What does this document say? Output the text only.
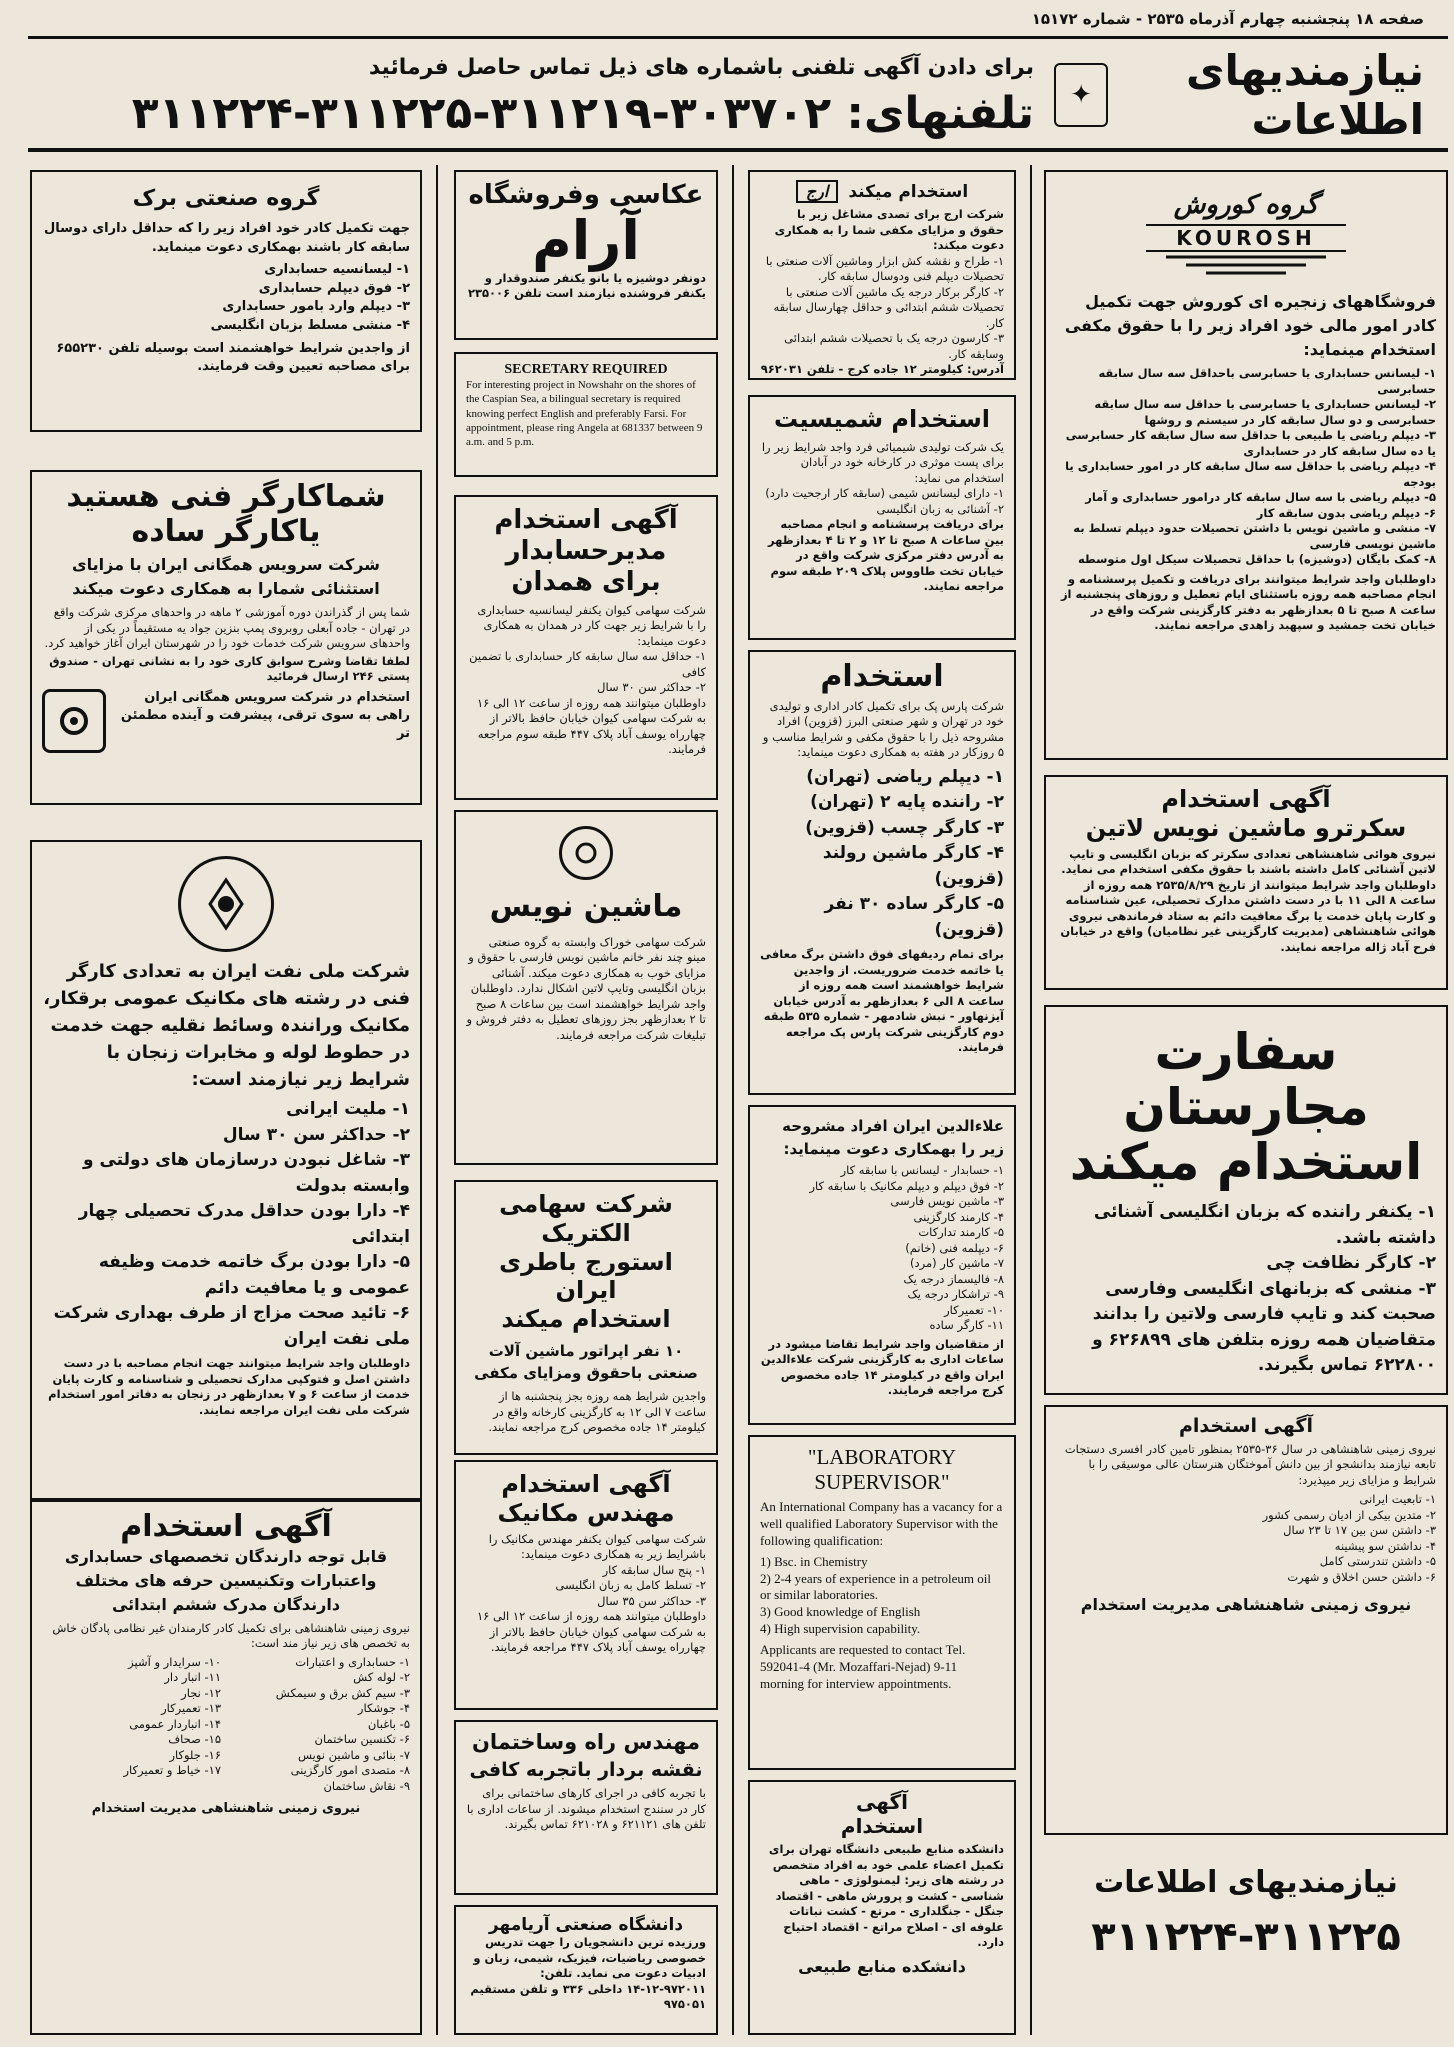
صفحه ۱۸ پنجشنبه چهارم آذرماه ۲۵۳۵ - شماره ۱۵۱۷۲
نیازمندیهای اطلاعات
✦
برای دادن آگهی تلفنی باشماره های ذیل تماس حاصل فرمائید
تلفنهای: ۳۰۳۷۰۲-۳۱۱۲۱۹-۳۱۱۲۲۵-۳۱۱۲۲۴
گروه صنعتی برک

جهت تکمیل کادر خود افراد زیر را که حداقل دارای دوسال سابقه کار باشند بهمکاری دعوت مینماید.

۱- لیسانسیه حسابداری
۲- فوق دیپلم حسابداری
۳- دیپلم وارد بامور حسابداری
۴- منشی مسلط بزبان انگلیسی

از واجدین شرایط خواهشمند است بوسیله تلفن ۶۵۵۲۳۰ برای مصاحبه تعیین وقت فرمایند.

شماکارگر فنی هستید
یاکارگر ساده

شرکت سرویس همگانی ایران با مزایای استثنائی شمارا به همکاری دعوت میکند

شما پس از گذراندن دوره آموزشی ۲ ماهه در واحدهای مرکزی شرکت واقع در تهران - جاده آبعلی روبروی پمپ بنزین جواد یه مستقیماً در یکی از واحدهای سرویس شرکت خدمات خود را در شهرستان ایران آغاز خواهید کرد.

لطفا تقاضا وشرح سوابق کاری خود را به نشانی تهران - صندوق پستی ۲۴۶ ارسال فرمائید

استخدام در شرکت سرویس همگانی ایران راهی به سوی ترقی، پیشرفت و آینده مطمئن تر

شرکت ملی نفت ایران به تعدادی کارگر فنی در رشته های مکانیک عمومی برقکار، مکانیک ورانندہ وسائط نقلیه جهت خدمت در حطوط لوله و مخابرات زنجان با شرایط زیر نیازمند است:

۱- ملیت ایرانی
۲- حداکثر سن ۳۰ سال
۳- شاغل نبودن درسازمان های دولتی و وابسته بدولت
۴- دارا بودن حداقل مدرک تحصیلی چهار ابتدائی
۵- دارا بودن برگ خاتمه خدمت وظیفه عمومی و یا معافیت دائم
۶- تائید صحت مزاج از طرف بهداری شرکت ملی نفت ایران

داوطلبان واجد شرایط میتوانند جهت انجام مصاحبه با در دست داشتن اصل و فتوکپی مدارک تحصیلی و شناسنامه و کارت پایان خدمت از ساعت ۶ و ۷ بعدازظهر در زنجان به دفاتر امور استخدام شرکت ملی نفت ایران مراجعه نمایند.

آگهی استخدام

قابل توجه دارندگان تخصصهای حسابداری واعتبارات وتکنیسین حرفه های مختلف دارندگان مدرک ششم ابتدائی

نیروی زمینی شاهنشاهی برای تکمیل کادر کارمندان غیر نظامی پادگان خاش به تخصص های زیر نیاز مند است:

۱- حسابداری و اعتبارات
۲- لوله کش
۳- سیم کش برق و سیمکش
۴- جوشکار
۵- باغبان
۶- تکنسین ساختمان
۷- بنائی و ماشین نویس
۸- متصدی امور کارگزینی
۹- نقاش ساختمان
۱۰- سرایدار و آشپز
۱۱- انبار دار
۱۲- نجار
۱۳- تعمیرکار
۱۴- انباردار عمومی
۱۵- صحاف
۱۶- جلوکار
۱۷- خیاط و تعمیرکار

نیروی زمینی شاهنشاهی مدیریت استخدام

عکاسی وفروشگاه
آرام

دونفر دوشیزه یا بانو یکنفر صندوقدار و یکنفر فروشنده نیازمند است تلفن ۲۳۵۰۰۶

SECRETARY REQUIRED

For interesting project in Nowshahr on the shores of the Caspian Sea, a bilingual secretary is required knowing perfect English and preferably Farsi. For appointment, please ring Angela at 681337 between 9 a.m. and 5 p.m.

آگهی استخدام
مدیرحسابدار
برای همدان

شرکت سهامی کیوان یکنفر لیسانسیه حسابداری را با شرایط زیر جهت کار در همدان به همکاری دعوت مینماید:

۱- حداقل سه سال سابقه کار حسابداری با تضمین کافی
۲- حداکثر سن ۳۰ سال

داوطلبان میتوانند همه روزه از ساعت ۱۲ الی ۱۶ به شرکت سهامی کیوان خیابان حافظ بالاتر از چهارراه یوسف آباد پلاک ۴۴۷ طبقه سوم مراجعه فرمایند.

ماشین نویس

شرکت سهامی خوراک وابسته به گروه صنعتی مینو چند نفر خانم ماشین نویس فارسی با حقوق و مزایای خوب به همکاری دعوت میکند. آشنائی بزبان انگلیسی وتایپ لاتین اشکال ندارد. داوطلبان واجد شرایط خواهشمند است بین ساعات ۸ صبح تا ۲ بعدازظهر بجز روزهای تعطیل به دفتر فروش و تبلیغات شرکت مراجعه فرمایند.

شرکت سهامی الکتریک
استورج باطری ایران
استخدام میکند

۱۰ نفر اپراتور ماشین آلات صنعتی باحقوق ومزایای مکفی

واجدین شرایط همه روزه بجز پنجشنبه ها از ساعت ۷ الی ۱۲ به کارگزینی کارخانه واقع در کیلومتر ۱۴ جاده مخصوص کرج مراجعه نمایند.

آگهی استخدام
مهندس مکانیک

شرکت سهامی کیوان یکنفر مهندس مکانیک را باشرایط زیر به همکاری دعوت مینماید:

۱- پنج سال سابقه کار
۲- تسلط کامل به زبان انگلیسی
۳- حداکثر سن ۳۵ سال

داوطلبان میتوانند همه روزه از ساعت ۱۲ الی ۱۶ به شرکت سهامی کیوان خیابان حافظ بالاتر از چهارراه یوسف آباد پلاک ۴۴۷ مراجعه فرمایند.

مهندس راه وساختمان
نقشه بردار باتجربه کافی

با تجربه کافی در اجرای کارهای ساختمانی برای کار در سنندج استخدام میشوند. از ساعات اداری با تلفن های ۶۲۱۱۲۱ و ۶۲۱۰۲۸ تماس بگیرند.

دانشگاه صنعتی آریامهر

ورزیده ترین دانشجویان را جهت تدریس خصوصی ریاضیات، فیزیک، شیمی، زبان و ادبیات دعوت می نماید. تلفن: ۹۷۲۰۱۱-۱۲-۱۴ داخلی ۳۳۶ و تلفن مستقیم ۹۷۵۰۵۱

استخدام میکند
ارج

شرکت ارج برای تصدی مشاغل زیر با حقوق و مزایای مکفی شما را به همکاری دعوت میکند:

۱- طراح و نقشه کش ابزار وماشین آلات صنعتی با تحصیلات دیپلم فنی ودوسال سابقه کار.
۲- کارگر برکار درجه یک ماشین آلات صنعتی با تحصیلات ششم ابتدائی و حداقل چهارسال سابقه کار.
۳- کارسون درجه یک با تحصیلات ششم ابتدائی وسابقه کار.

آدرس: کیلومتر ۱۲ جاده کرج - تلفن ۹۶۲۰۳۱

استخدام شمیسیت

یک شرکت تولیدی شیمیائی فرد واجد شرایط زیر را برای پست موثری در کارخانه خود در آبادان استخدام می نماید:

۱- دارای لیسانس شیمی (سابقه کار ارجحیت دارد)
۲- آشنائی به زبان انگلیسی

برای دریافت پرسشنامه و انجام مصاحبه بین ساعات ۸ صبح تا ۱۲ و ۲ تا ۴ بعدازظهر به آدرس دفتر مرکزی شرکت واقع در خیابان تخت طاووس پلاک ۲۰۹ طبقه سوم مراجعه نمایند.

استخدام

شرکت پارس پک برای تکمیل کادر اداری و تولیدی خود در تهران و شهر صنعتی البرز (قزوین) افراد مشروحه ذیل را با حقوق مکفی و شرایط مناسب و ۵ روزکار در هفته به همکاری دعوت مینماید:

۱- دیپلم ریاضی (تهران)
۲- راننده پایه ۲ (تهران)
۳- کارگر چسب (قزوین)
۴- کارگر ماشین رولند (قزوین)
۵- کارگر ساده ۳۰ نفر (قزوین)

برای تمام ردیفهای فوق داشتن برگ معافی یا خاتمه خدمت ضروریست. از واجدین شرایط خواهشمند است همه روزه از ساعت ۸ الی ۶ بعدازظهر به آدرس خیابان آیزنهاور - نبش شادمهر - شماره ۵۳۵ طبقه دوم کارگزینی شرکت پارس پک مراجعه فرمایند.

علاءالدین ایران افراد مشروحه زیر را بهمکاری دعوت مینماید:

۱- حسابدار - لیسانس با سابقه کار
۲- فوق دیپلم و دیپلم مکانیک با سابقه کار
۳- ماشین نویس فارسی
۴- کارمند کارگزینی
۵- کارمند تدارکات
۶- دیپلمه فنی (خانم)
۷- ماشین کار (مرد)
۸- فالیسماز درجه یک
۹- تراشکار درجه یک
۱۰- تعمیرکار
۱۱- کارگر ساده

از متقاضیان واجد شرایط تقاضا میشود در ساعات اداری به کارگزینی شرکت علاءالدین ایران واقع در کیلومتر ۱۴ جاده مخصوص کرج مراجعه فرمایند.

"LABORATORY
SUPERVISOR"

An International Company has a vacancy for a well qualified Laboratory Supervisor with the following qualification:

1) Bsc. in Chemistry
2) 2-4 years of experience in a petroleum oil or similar laboratories.
3) Good knowledge of English
4) High supervision capability.

Applicants are requested to contact Tel. 592041-4 (Mr. Mozaffari-Nejad) 9-11 morning for interview appointments.

آگهی
استخدام

دانشکده منابع طبیعی دانشگاه تهران برای تکمیل اعضاء علمی خود به افراد متخصص در رشته های زیر: لیمنولوژی - ماهی شناسی - کشت و پرورش ماهی - اقتصاد جنگل - جنگلداری - مرتع - کشت نباتات علوفه ای - اصلاح مراتع - اقتصاد احتیاج دارد.

دانشکده منابع طبیعی

گروه کوروش
KOUROSH

فروشگاههای زنجیره ای کوروش جهت تکمیل کادر امور مالی خود افراد زیر را با حقوق مکفی استخدام مینماید:

۱- لیسانس حسابداری یا حسابرسی باحداقل سه سال سابقه حسابرسی
۲- لیسانس حسابداری یا حسابرسی با حداقل سه سال سابقه حسابرسی و دو سال سابقه کار در سیستم و روشها
۳- دیپلم ریاضی یا طبیعی با حداقل سه سال سابقه کار حسابرسی یا ده سال سابقه کار در حسابداری
۴- دیپلم ریاضی با حداقل سه سال سابقه کار در امور حسابداری یا بودجه
۵- دیپلم ریاضی با سه سال سابقه کار درامور حسابداری و آمار
۶- دیپلم ریاضی بدون سابقه کار
۷- منشی و ماشین نویس با داشتن تحصیلات حدود دیپلم تسلط به ماشین نویسی فارسی
۸- کمک بایگان (دوشیزه) با حداقل تحصیلات سیکل اول متوسطه

داوطلبان واجد شرایط میتوانند برای دریافت و تکمیل پرسشنامه و انجام مصاحبه همه روزه باستثنای ایام تعطیل و روزهای پنجشنبه از ساعت ۸ صبح تا ۵ بعدازظهر به دفتر کارگزینی شرکت واقع در خیابان تخت جمشید و سپهبد زاهدی مراجعه نمایند.

آگهی استخدام
سکرترو ماشین نویس لاتین

نیروی هوائی شاهنشاهی تعدادی سکرتر که بزبان انگلیسی و تایپ لاتین آشنائی کامل داشته باشند با حقوق مکفی استخدام می نماید. داوطلبان واجد شرایط میتوانند از تاریخ ۲۵۳۵/۸/۲۹ همه روزه از ساعت ۸ الی ۱۱ با در دست داشتن مدارک تحصیلی، عین شناسنامه و کارت پایان خدمت یا برگ معافیت دائم به ستاد فرماندهی نیروی هوائی شاهنشاهی (مدیریت کارگزینی غیر نظامیان) واقع در خیابان فرح آباد ژاله مراجعه نمایند.

سفارت مجارستان
استخدام میکند
۱- یکنفر راننده که بزبان انگلیسی آشنائی داشته باشد.
۲- کارگر نظافت چی
۳- منشی که بزبانهای انگلیسی وفارسی صحبت کند و تایپ فارسی ولاتین را بدانند

متقاضیان همه روزه بتلفن های ۶۲۶۸۹۹ و ۶۲۲۸۰۰ تماس بگیرند.

آگهی استخدام

نیروی زمینی شاهنشاهی در سال ۳۶-۲۵۳۵ بمنظور تامین کادر افسری دستجات تابعه نیازمند بدانشجو از بین دانش آموختگان هنرستان عالی موسیقی را با شرایط و مزایای زیر میپذیرد:

۱- تابعیت ایرانی
۲- متدین بیکی از ادیان رسمی کشور
۳- داشتن سن بین ۱۷ تا ۲۳ سال
۴- نداشتن سو پیشینه
۵- داشتن تندرستی کامل
۶- داشتن حسن اخلاق و شهرت

نیروی زمینی شاهنشاهی مدیریت استخدام

نیازمندیهای اطلاعات
۳۱۱۲۲۴-۳۱۱۲۲۵
